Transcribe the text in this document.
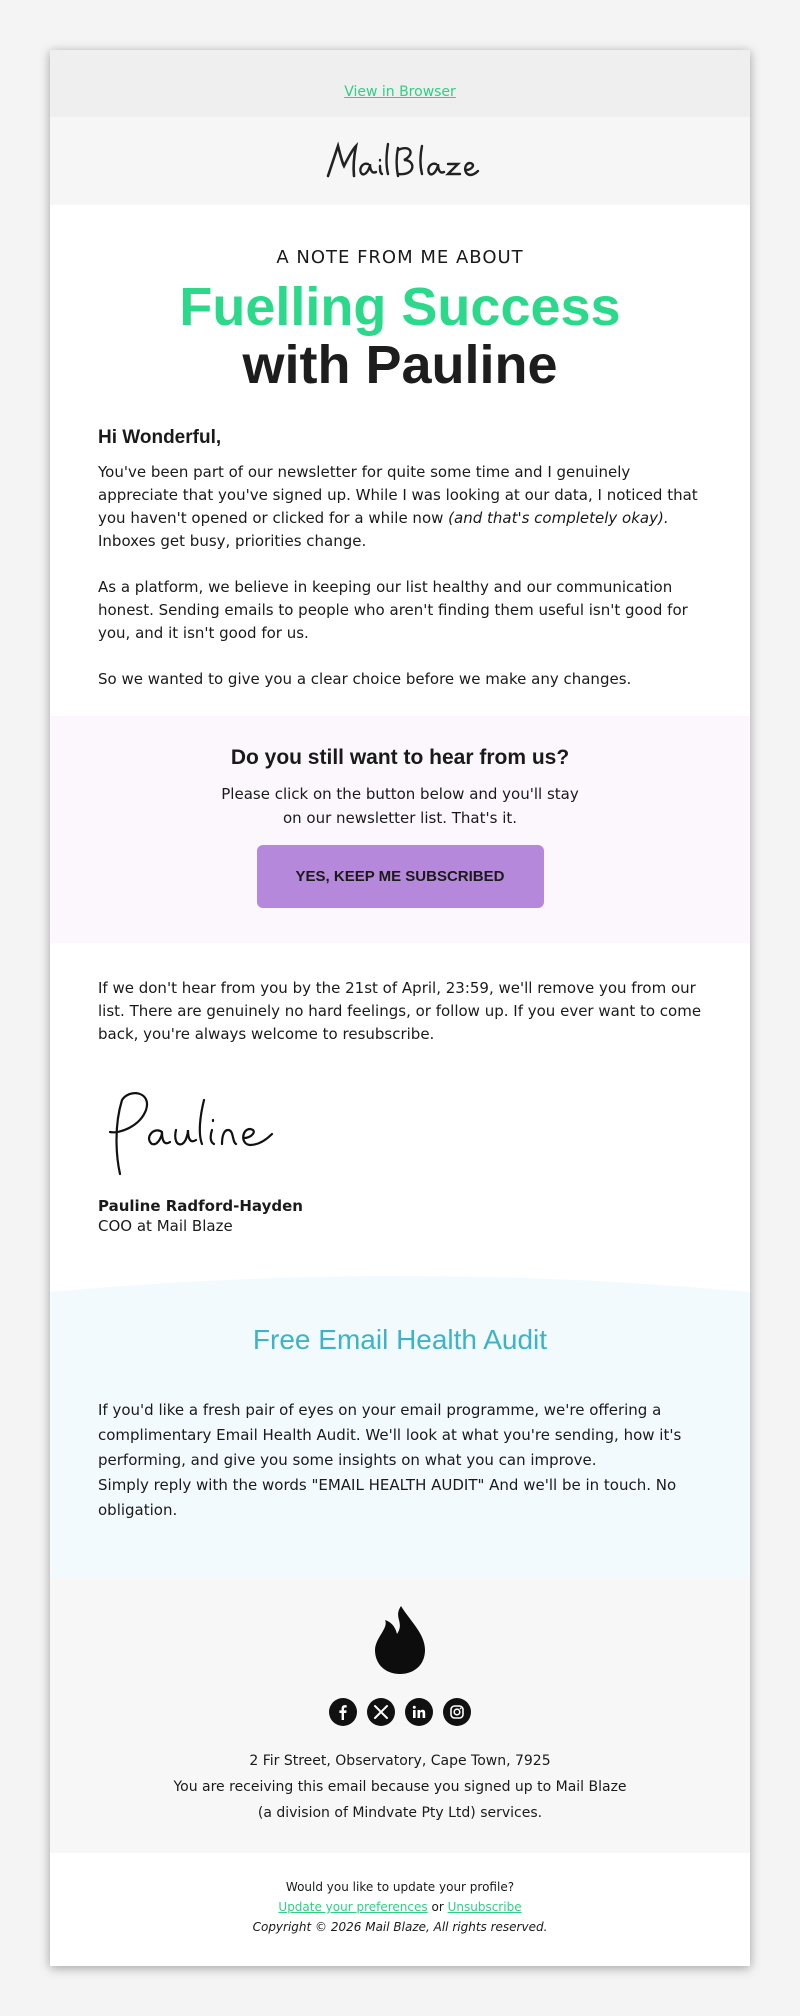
View in Browser
A NOTE FROM ME ABOUT
Fuelling Success
with Pauline
Hi Wonderful,
You've been part of our newsletter for quite some time and I genuinely appreciate that you've signed up. While I was looking at our data, I noticed that you haven't opened or clicked for a while now (and that's completely okay). Inboxes get busy, priorities change.
As a platform, we believe in keeping our list healthy and our communication honest. Sending emails to people who aren't finding them useful isn't good for you, and it isn't good for us.
So we wanted to give you a clear choice before we make any changes.
Do you still want to hear from us?
Please click on the button below and you'll stay on our newsletter list. That's it.
YES, KEEP ME SUBSCRIBED
If we don't hear from you by the 21st of April, 23:59, we'll remove you from our list. There are genuinely no hard feelings, or follow up. If you ever want to come back, you're always welcome to resubscribe.
Pauline Radford-Hayden
COO at Mail Blaze
Free Email Health Audit
If you'd like a fresh pair of eyes on your email programme, we're offering a complimentary Email Health Audit. We'll look at what you're sending, how it's performing, and give you some insights on what you can improve.
Simply reply with the words "EMAIL HEALTH AUDIT" And we'll be in touch. No obligation.
2 Fir Street, Observatory, Cape Town, 7925
You are receiving this email because you signed up to Mail Blaze
(a division of Mindvate Pty Ltd) services.
Would you like to update your profile?
Update your preferences or Unsubscribe
Copyright © 2026 Mail Blaze, All rights reserved.
